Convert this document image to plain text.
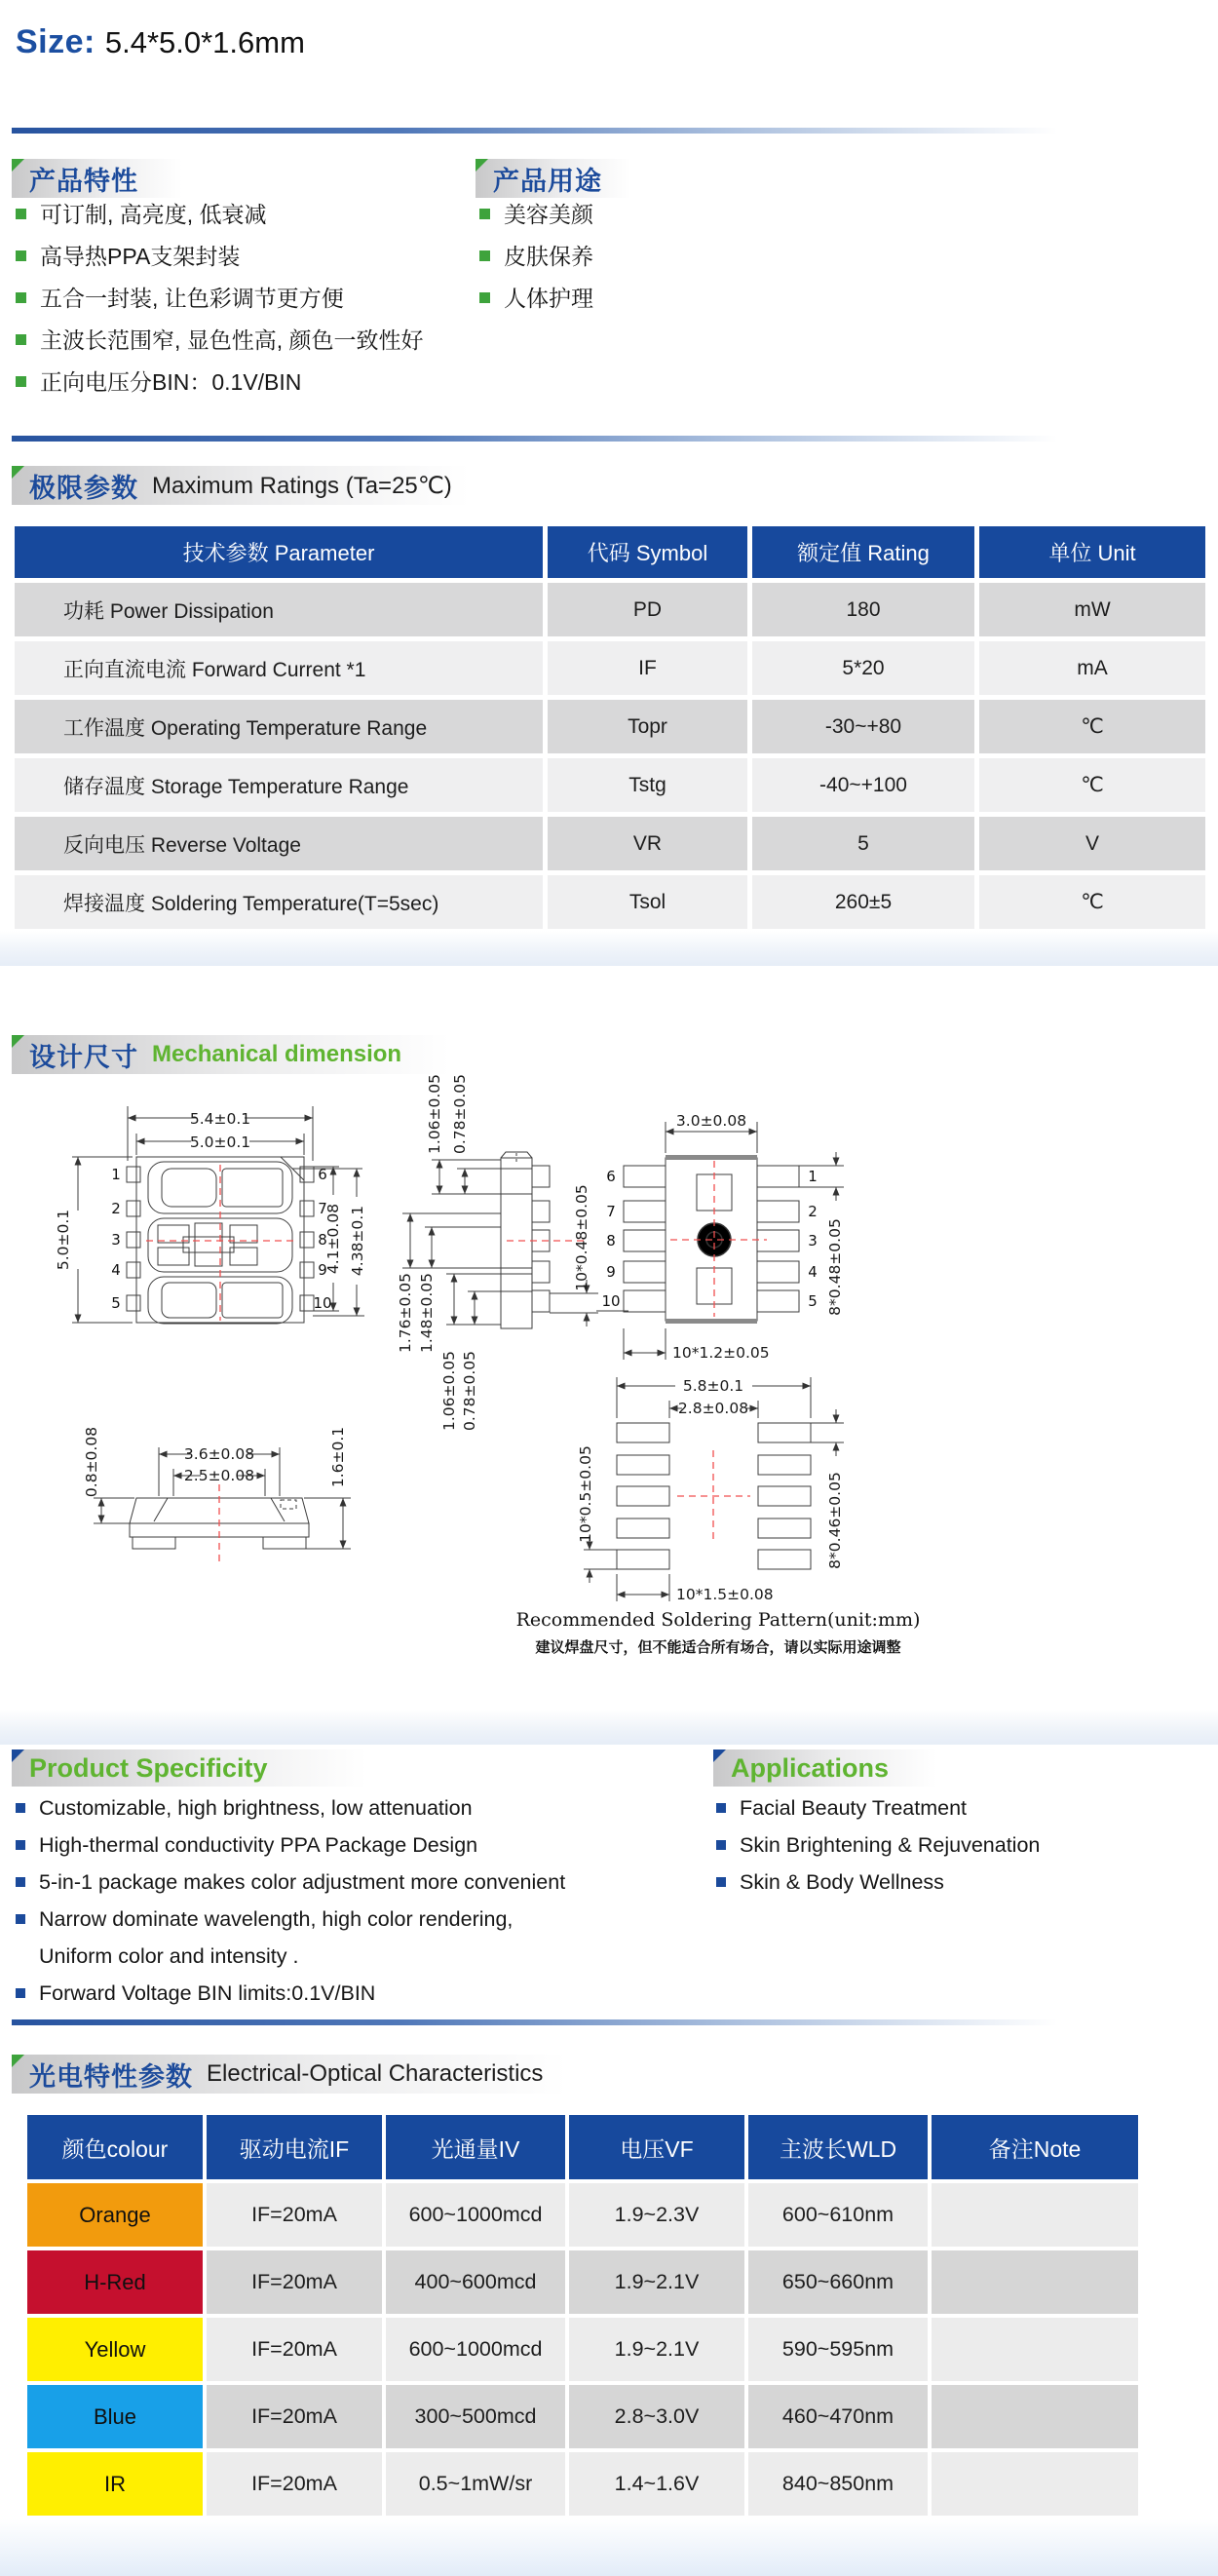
Size: 5.4*5.0*1.6mm
产品特性	产品用途
可订制, 高亮度, 低衰减
高导热PPA支架封装
五合一封装, 让色彩调节更方便
主波长范围窄, 显色性高, 颜色一致性好
正向电压分BIN：0.1V/BIN
美容美颜
皮肤保养
人体护理
极限参数 Maximum Ratings (Ta=25℃)
技术参数 Parameter	代码 Symbol	额定值 Rating	单位 Unit
功耗 Power Dissipation	PD	180	mW
正向直流电流 Forward Current *1	IF	5*20	mA
工作温度 Operating Temperature Range	Topr	-30~+80	℃
储存温度 Storage Temperature Range	Tstg	-40~+100	℃
反向电压 Reverse Voltage	VR	5	V
焊接温度 Soldering Temperature(T=5sec)	Tsol	260±5	℃
设计尺寸 Mechanical dimension
1
2
3
4
5
6
7
8
9
10
5.4±0.1
5.0±0.1
5.0±0.1	4.1±0.08 4.38±0.1
1.06±0.05 0.78±0.05
1.76±0.05 1.48±0.05
1.06±0.05 0.78±0.05
10*0.48±0.05
6
7
8
9
10
1
2
3
4
5
3.0±0.08
8*0.48±0.05
10*1.2±0.05
3.6±0.08
2.5±0.08
0.8±0.08	1.6±0.1
5.8±0.1
2.8±0.08
10*0.5±0.05	8*0.46±0.05
10*1.5±0.08
Recommended Soldering Pattern(unit:mm)
建议焊盘尺寸，但不能适合所有场合，请以实际用途调整
Product Specificity	Applications
Customizable, high brightness, low attenuation
High-thermal conductivity PPA Package Design
5-in-1 package makes color adjustment more convenient
Narrow dominate wavelength, high color rendering,
Uniform color and intensity .
Forward Voltage BIN limits:0.1V/BIN
Facial Beauty Treatment
Skin Brightening & Rejuvenation
Skin & Body Wellness
光电特性参数 Electrical-Optical Characteristics
颜色colour	驱动电流IF	光通量IV	电压VF	主波长WLD	备注Note
Orange	IF=20mA	600~1000mcd	1.9~2.3V	600~610nm
H-Red	IF=20mA	400~600mcd	1.9~2.1V	650~660nm
Yellow	IF=20mA	600~1000mcd	1.9~2.1V	590~595nm
Blue	IF=20mA	300~500mcd	2.8~3.0V	460~470nm
IR	IF=20mA	0.5~1mW/sr	1.4~1.6V	840~850nm
